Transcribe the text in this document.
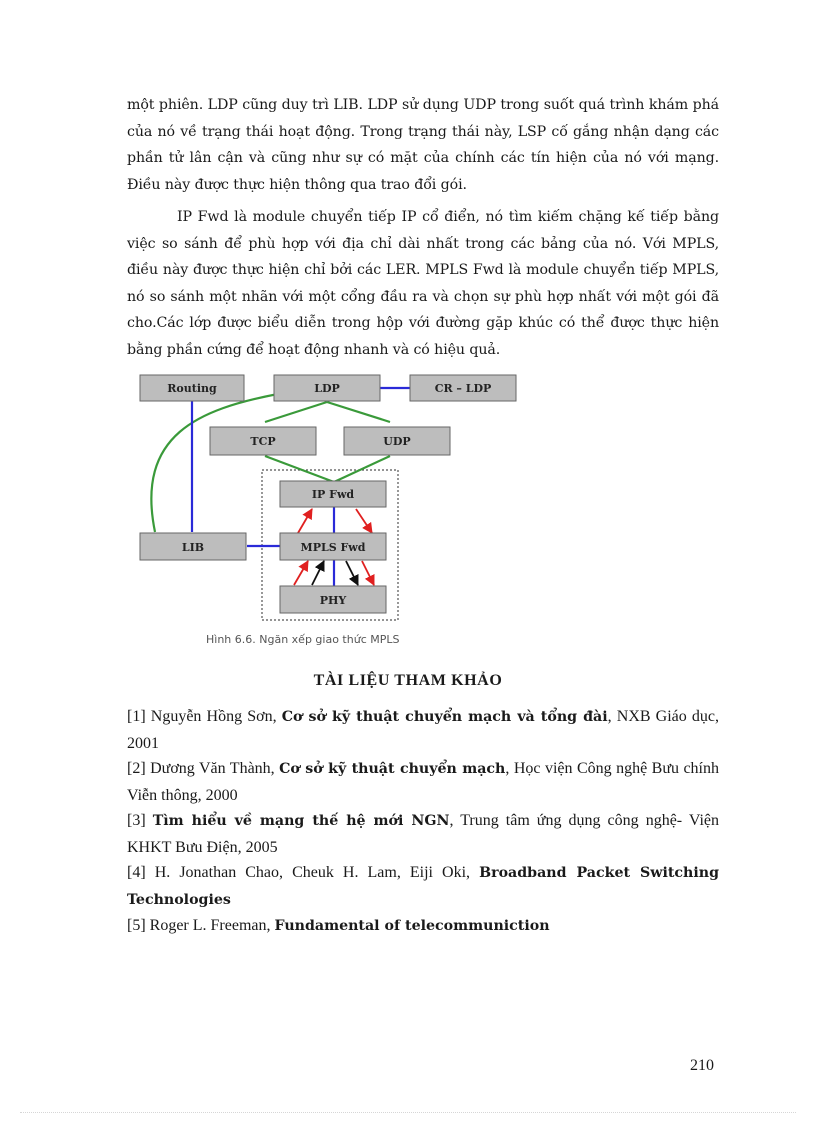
một phiên. LDP cũng duy trì LIB. LDP sử dụng UDP trong suốt quá trình khám phá của nó về trạng thái hoạt động. Trong trạng thái này, LSP cố gắng nhận dạng các phần tử lân cận và cũng như sự có mặt của chính các tín hiện của nó với mạng. Điều này được thực hiện thông qua trao đổi gói.

IP Fwd là module chuyển tiếp IP cổ điển, nó tìm kiếm chặng kế tiếp bằng việc so sánh để phù hợp với địa chỉ dài nhất trong các bảng của nó. Với MPLS, điều này được thực hiện chỉ bởi các LER. MPLS Fwd là module chuyển tiếp MPLS, nó so sánh một nhãn với một cổng đầu ra và chọn sự phù hợp nhất với một gói đã cho.Các lớp được biểu diễn trong hộp với đường gặp khúc có thể được thực hiện bằng phần cứng để hoạt động nhanh và có hiệu quả.

Routing	LDP	CR – LDP
TCP	UDP
IP Fwd
LIB	MPLS Fwd
PHY
Hình 6.6. Ngăn xếp giao thức MPLS
TÀI LIỆU THAM KHẢO

[1] Nguyễn Hồng Sơn, Cơ sở kỹ thuật chuyển mạch và tổng đài, NXB Giáo dục, 2001

[2] Dương Văn Thành, Cơ sở kỹ thuật chuyển mạch, Học viện Công nghệ Bưu chính Viễn thông, 2000

[3] Tìm hiểu về mạng thế hệ mới NGN, Trung tâm ứng dụng công nghệ- Viện KHKT Bưu Điện, 2005

[4] H. Jonathan Chao, Cheuk H. Lam, Eiji Oki, Broadband Packet Switching Technologies

[5] Roger L. Freeman, Fundamental of telecommuniction

210
